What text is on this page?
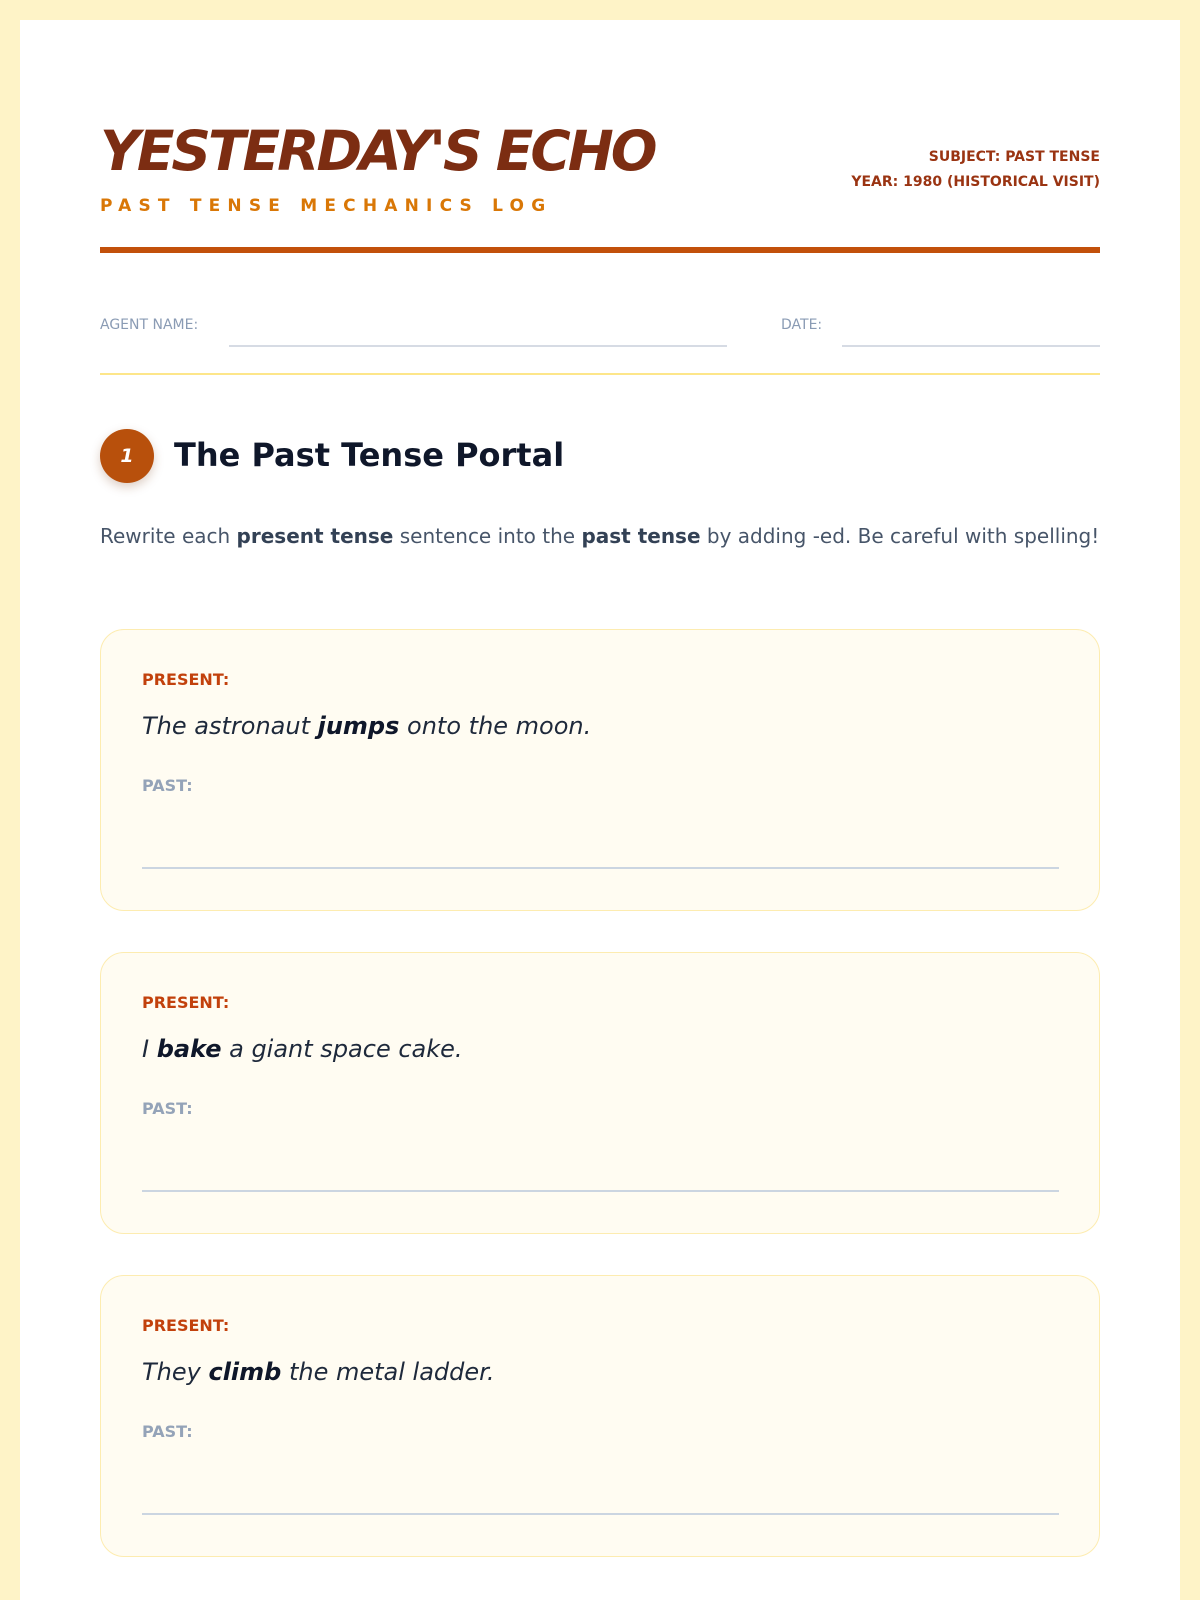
YESTERDAY'S ECHO
PAST TENSE MECHANICS LOG
SUBJECT: PAST TENSE
YEAR: 1980 (HISTORICAL VISIT)
AGENT NAME:	DATE:
1	The Past Tense Portal
Rewrite each present tense sentence into the past tense by adding -ed. Be careful with spelling!
PRESENT:
The astronaut jumps onto the moon.
PAST:
PRESENT:
I bake a giant space cake.
PAST:
PRESENT:
They climb the metal ladder.
PAST:
